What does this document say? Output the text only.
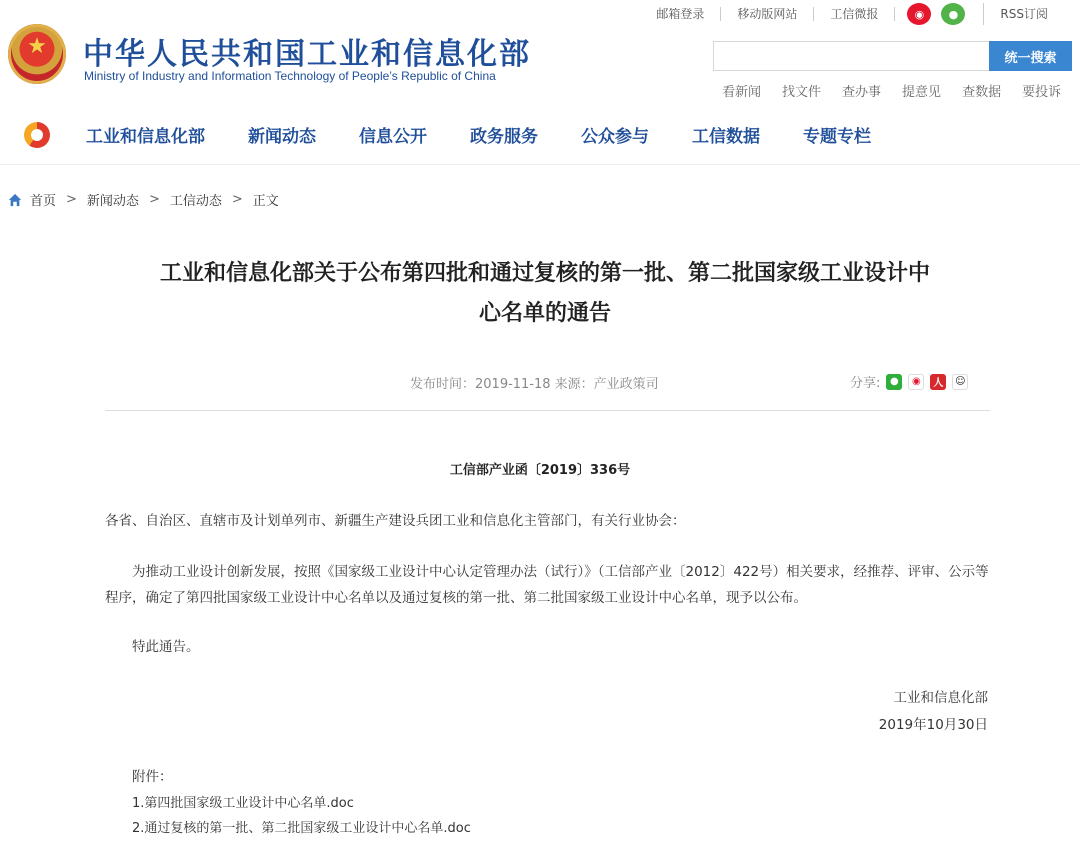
★
中华人民共和国工业和信息化部
Ministry of Industry and Information Technology of People’s Republic of China
邮箱登录	移动版网站	工信微报	◉	●	RSS订阅
统一搜索
看新闻 找文件 查办事 提意见 查数据 要投诉
工业和信息化部	新闻动态	信息公开	政务服务	公众参与	工信数据	专题专栏
首页 > 新闻动态 > 工信动态 > 正文
工业和信息化部关于公布第四批和通过复核的第一批、第二批国家级工业设计中
心名单的通告
发布时间：2019-11-18 来源：产业政策司	分享: ●	◉	人	☺
工信部产业函〔2019〕336号
各省、自治区、直辖市及计划单列市、新疆生产建设兵团工业和信息化主管部门，有关行业协会：
为推动工业设计创新发展，按照《国家级工业设计中心认定管理办法（试行）》（工信部产业〔2012〕422号）相关要求，经推荐、评审、公示等程序，确定了第四批国家级工业设计中心名单以及通过复核的第一批、第二批国家级工业设计中心名单，现予以公布。
特此通告。
工业和信息化部
2019年10月30日
附件：
1.第四批国家级工业设计中心名单.doc
2.通过复核的第一批、第二批国家级工业设计中心名单.doc
